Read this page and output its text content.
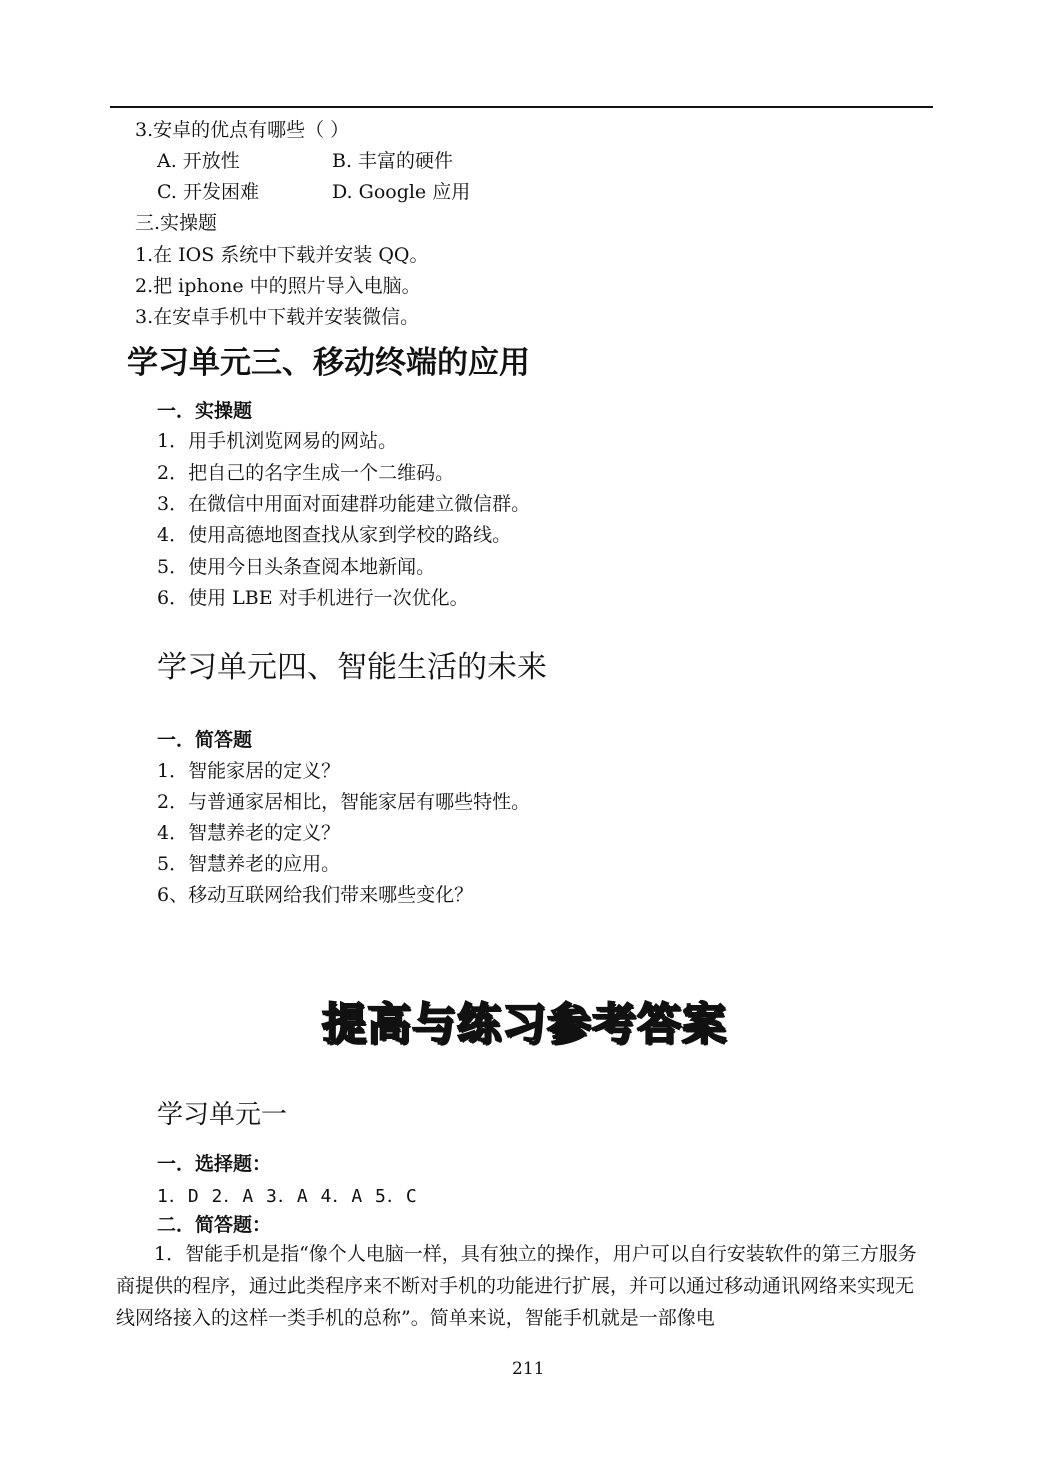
3.安卓的优点有哪些（ ）
A. 开放性	B. 丰富的硬件
C. 开发困难	D. Google 应用
三.实操题
1.在 IOS 系统中下载并安装 QQ。
2.把 iphone 中的照片导入电脑。
3.在安卓手机中下载并安装微信。
学习单元三、移动终端的应用
一．实操题
1．用手机浏览网易的网站。
2．把自己的名字生成一个二维码。
3．在微信中用面对面建群功能建立微信群。
4．使用高德地图查找从家到学校的路线。
5．使用今日头条查阅本地新闻。
6．使用 LBE 对手机进行一次优化。
学习单元四、智能生活的未来
一．简答题
1．智能家居的定义？
2．与普通家居相比，智能家居有哪些特性。
4．智慧养老的定义？
5．智慧养老的应用。
6、移动互联网给我们带来哪些变化？
提高与练习参考答案
学习单元一
一．选择题：
1．D 2．A 3．A 4．A 5．C
二．简答题：
1．智能手机是指“像个人电脑一样，具有独立的操作，用户可以自行安装软件的第三方服务商提供的程序，通过此类程序来不断对手机的功能进行扩展，并可以通过移动通讯网络来实现无线网络接入的这样一类手机的总称”。简单来说，智能手机就是一部像电
211
